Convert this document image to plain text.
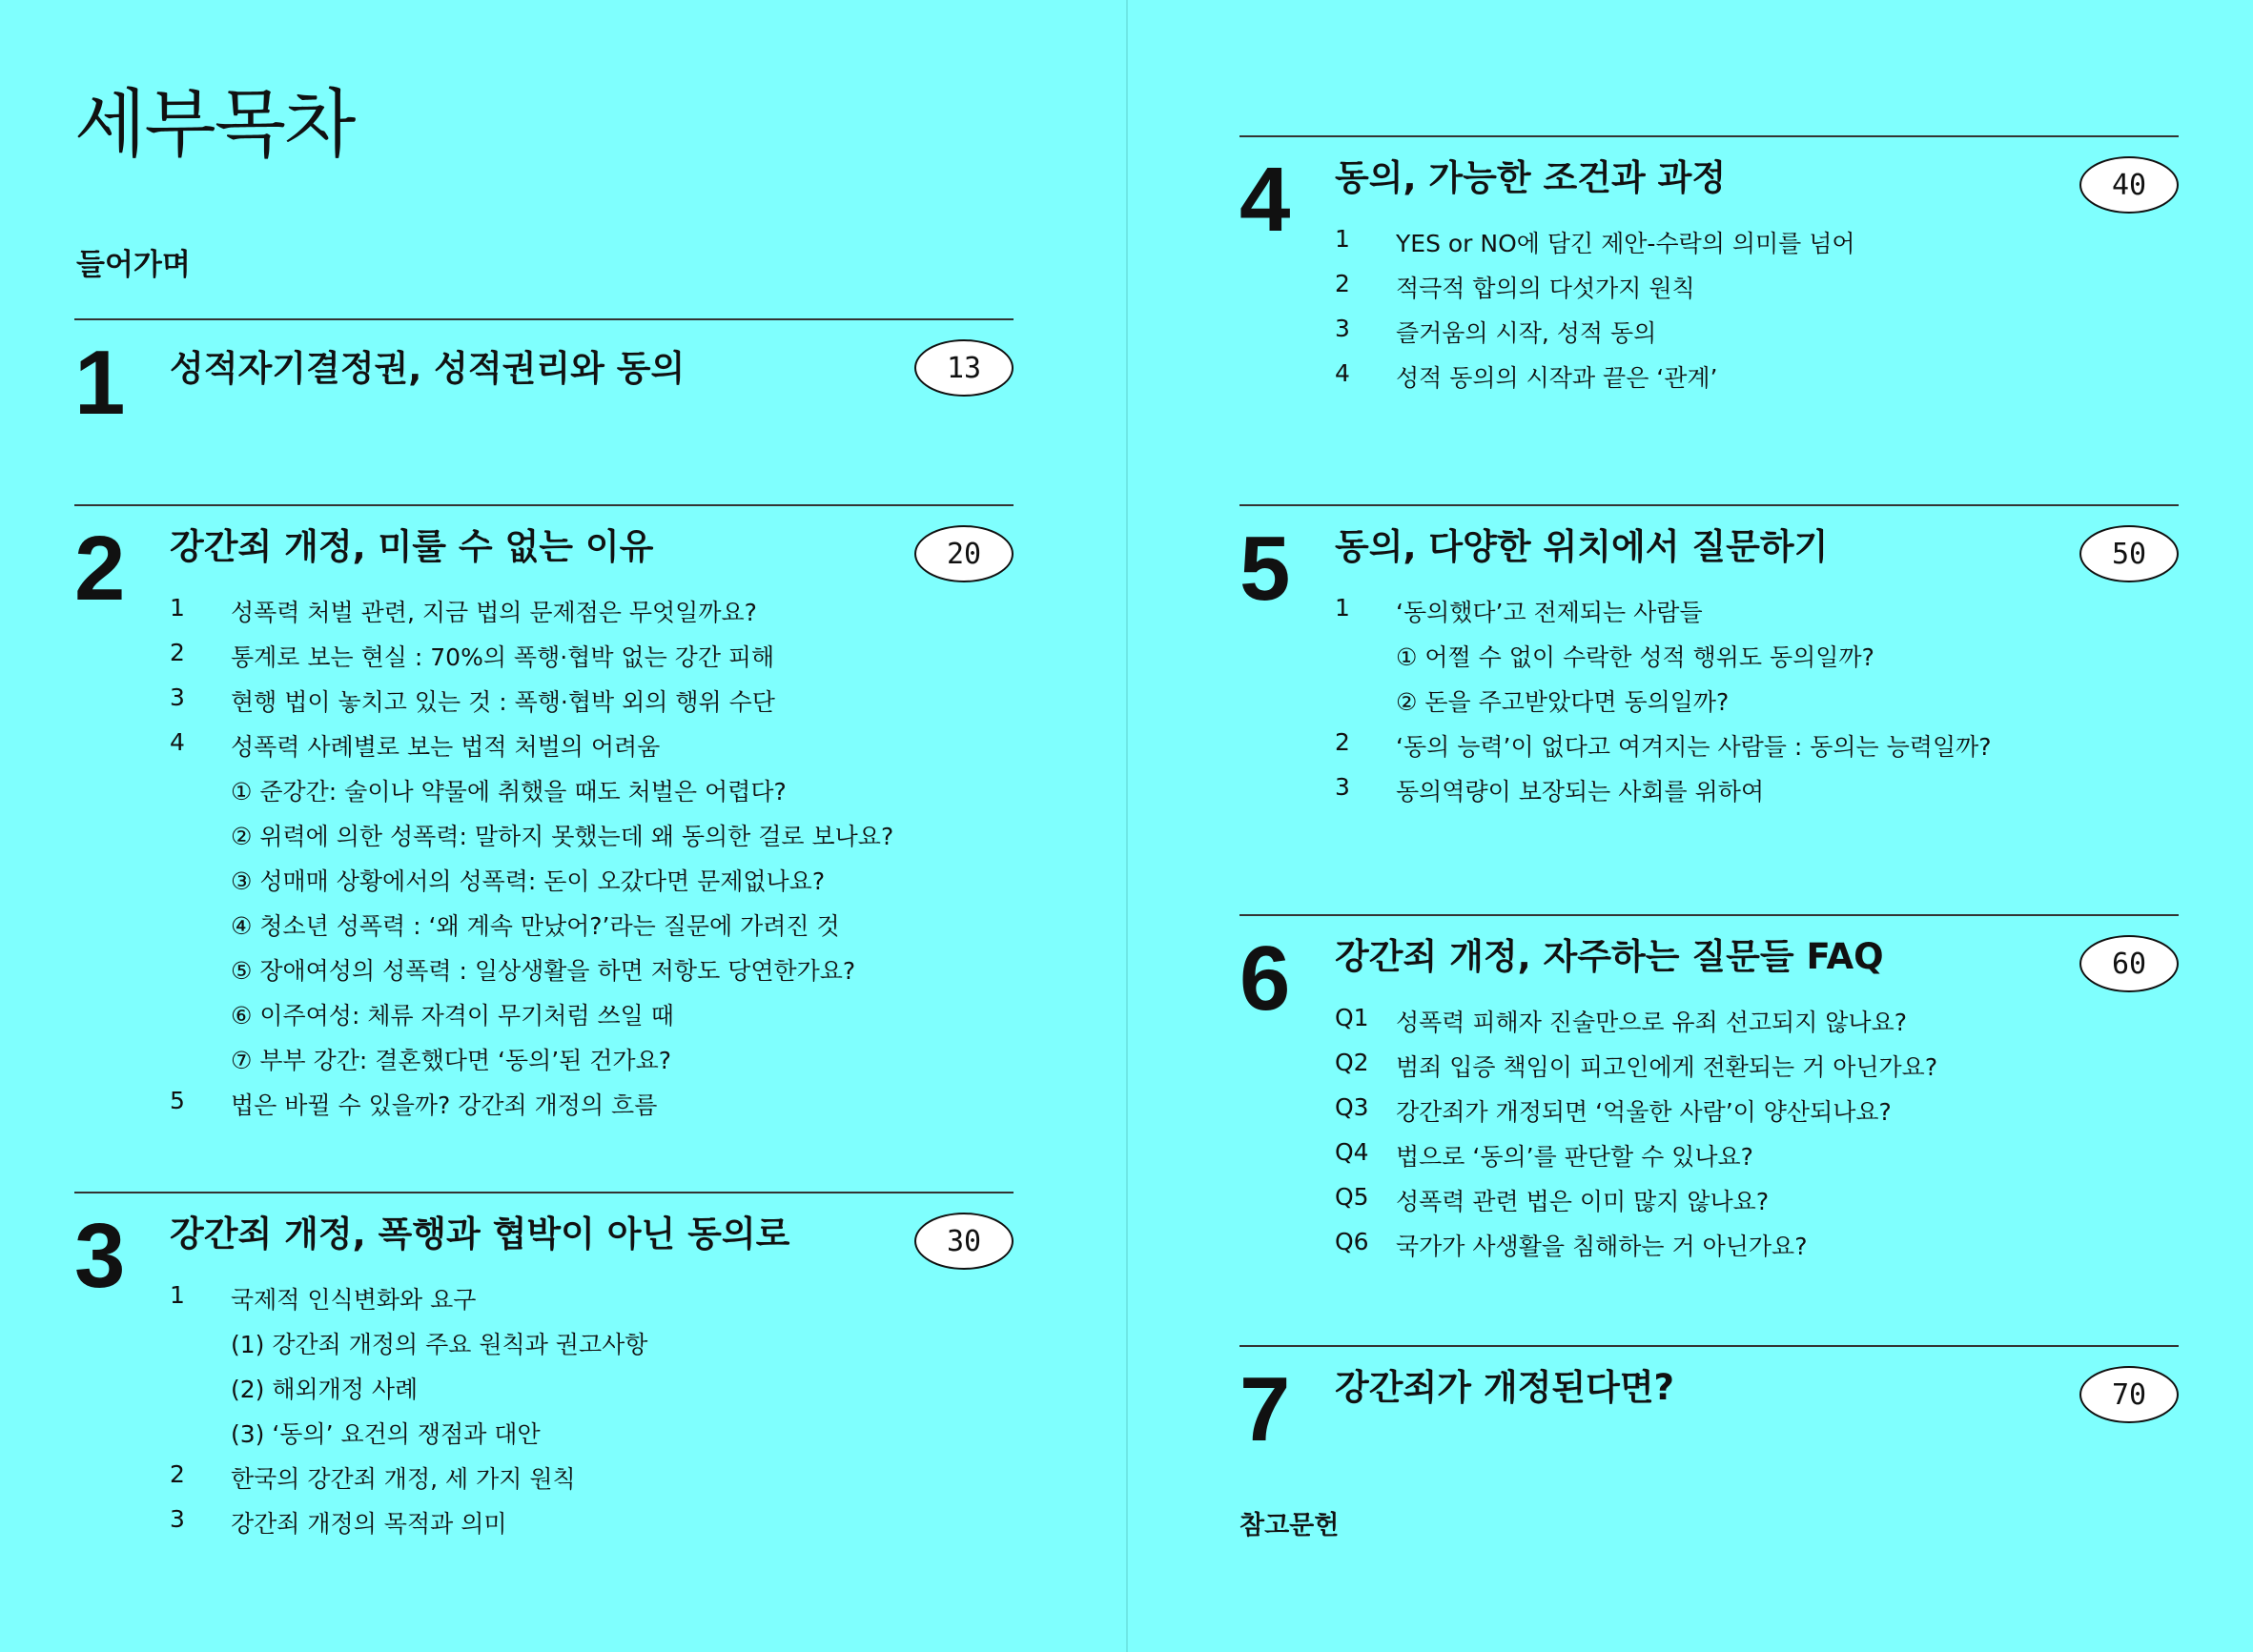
세부목차
들어가며
참고문헌
1 성적자기결정권, 성적권리와 동의	13
2 강간죄 개정, 미룰 수 없는 이유	20
1	성폭력 처벌 관련, 지금 법의 문제점은 무엇일까요?
2	통계로 보는 현실 : 70%의 폭행·협박 없는 강간 피해
3	현행 법이 놓치고 있는 것 : 폭행·협박 외의 행위 수단
4	성폭력 사례별로 보는 법적 처벌의 어려움
① 준강간: 술이나 약물에 취했을 때도 처벌은 어렵다?
② 위력에 의한 성폭력: 말하지 못했는데 왜 동의한 걸로 보나요?
③ 성매매 상황에서의 성폭력: 돈이 오갔다면 문제없나요?
④ 청소년 성폭력 : ‘왜 계속 만났어?’라는 질문에 가려진 것
⑤ 장애여성의 성폭력 : 일상생활을 하면 저항도 당연한가요?
⑥ 이주여성: 체류 자격이 무기처럼 쓰일 때
⑦ 부부 강간: 결혼했다면 ‘동의’된 건가요?
5	법은 바뀔 수 있을까? 강간죄 개정의 흐름
3 강간죄 개정, 폭행과 협박이 아닌 동의로	30
1	국제적 인식변화와 요구
(1) 강간죄 개정의 주요 원칙과 권고사항
(2) 해외개정 사례
(3) ‘동의’ 요건의 쟁점과 대안
2	한국의 강간죄 개정, 세 가지 원칙
3	강간죄 개정의 목적과 의미
4 동의, 가능한 조건과 과정	40
1	YES or NO에 담긴 제안-수락의 의미를 넘어
2	적극적 합의의 다섯가지 원칙
3	즐거움의 시작, 성적 동의
4	성적 동의의 시작과 끝은 ‘관계’
5 동의, 다양한 위치에서 질문하기	50
1	‘동의했다’고 전제되는 사람들
① 어쩔 수 없이 수락한 성적 행위도 동의일까?
② 돈을 주고받았다면 동의일까?
2	‘동의 능력’이 없다고 여겨지는 사람들 : 동의는 능력일까?
3	동의역량이 보장되는 사회를 위하여
6 강간죄 개정, 자주하는 질문들 FAQ	60
Q1	성폭력 피해자 진술만으로 유죄 선고되지 않나요?
Q2	범죄 입증 책임이 피고인에게 전환되는 거 아닌가요?
Q3	강간죄가 개정되면 ‘억울한 사람’이 양산되나요?
Q4	법으로 ‘동의’를 판단할 수 있나요?
Q5	성폭력 관련 법은 이미 많지 않나요?
Q6	국가가 사생활을 침해하는 거 아닌가요?
7 강간죄가 개정된다면?	70
